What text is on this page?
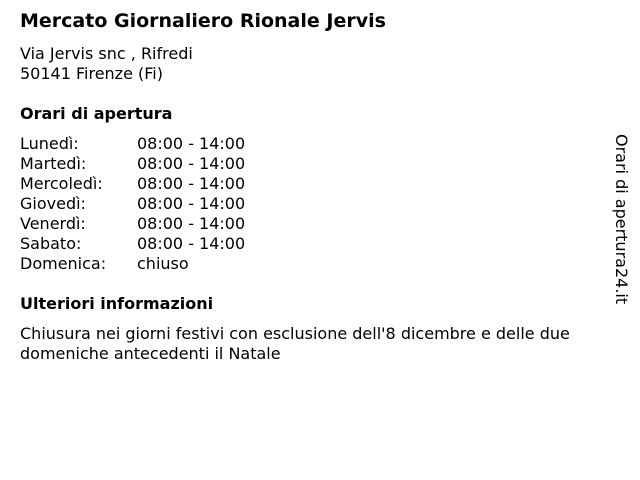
Mercato Giornaliero Rionale Jervis
Via Jervis snc , Rifredi
50141 Firenze (Fi)
Orari di apertura
Lunedì:	08:00 - 14:00
Martedì:	08:00 - 14:00
Mercoledì:	08:00 - 14:00
Giovedì:	08:00 - 14:00
Venerdì:	08:00 - 14:00
Sabato:	08:00 - 14:00
Domenica:	chiuso
Ulteriori informazioni
Chiusura nei giorni festivi con esclusione dell'8 dicembre e delle due domeniche antecedenti il Natale
Orari di apertura24.it
